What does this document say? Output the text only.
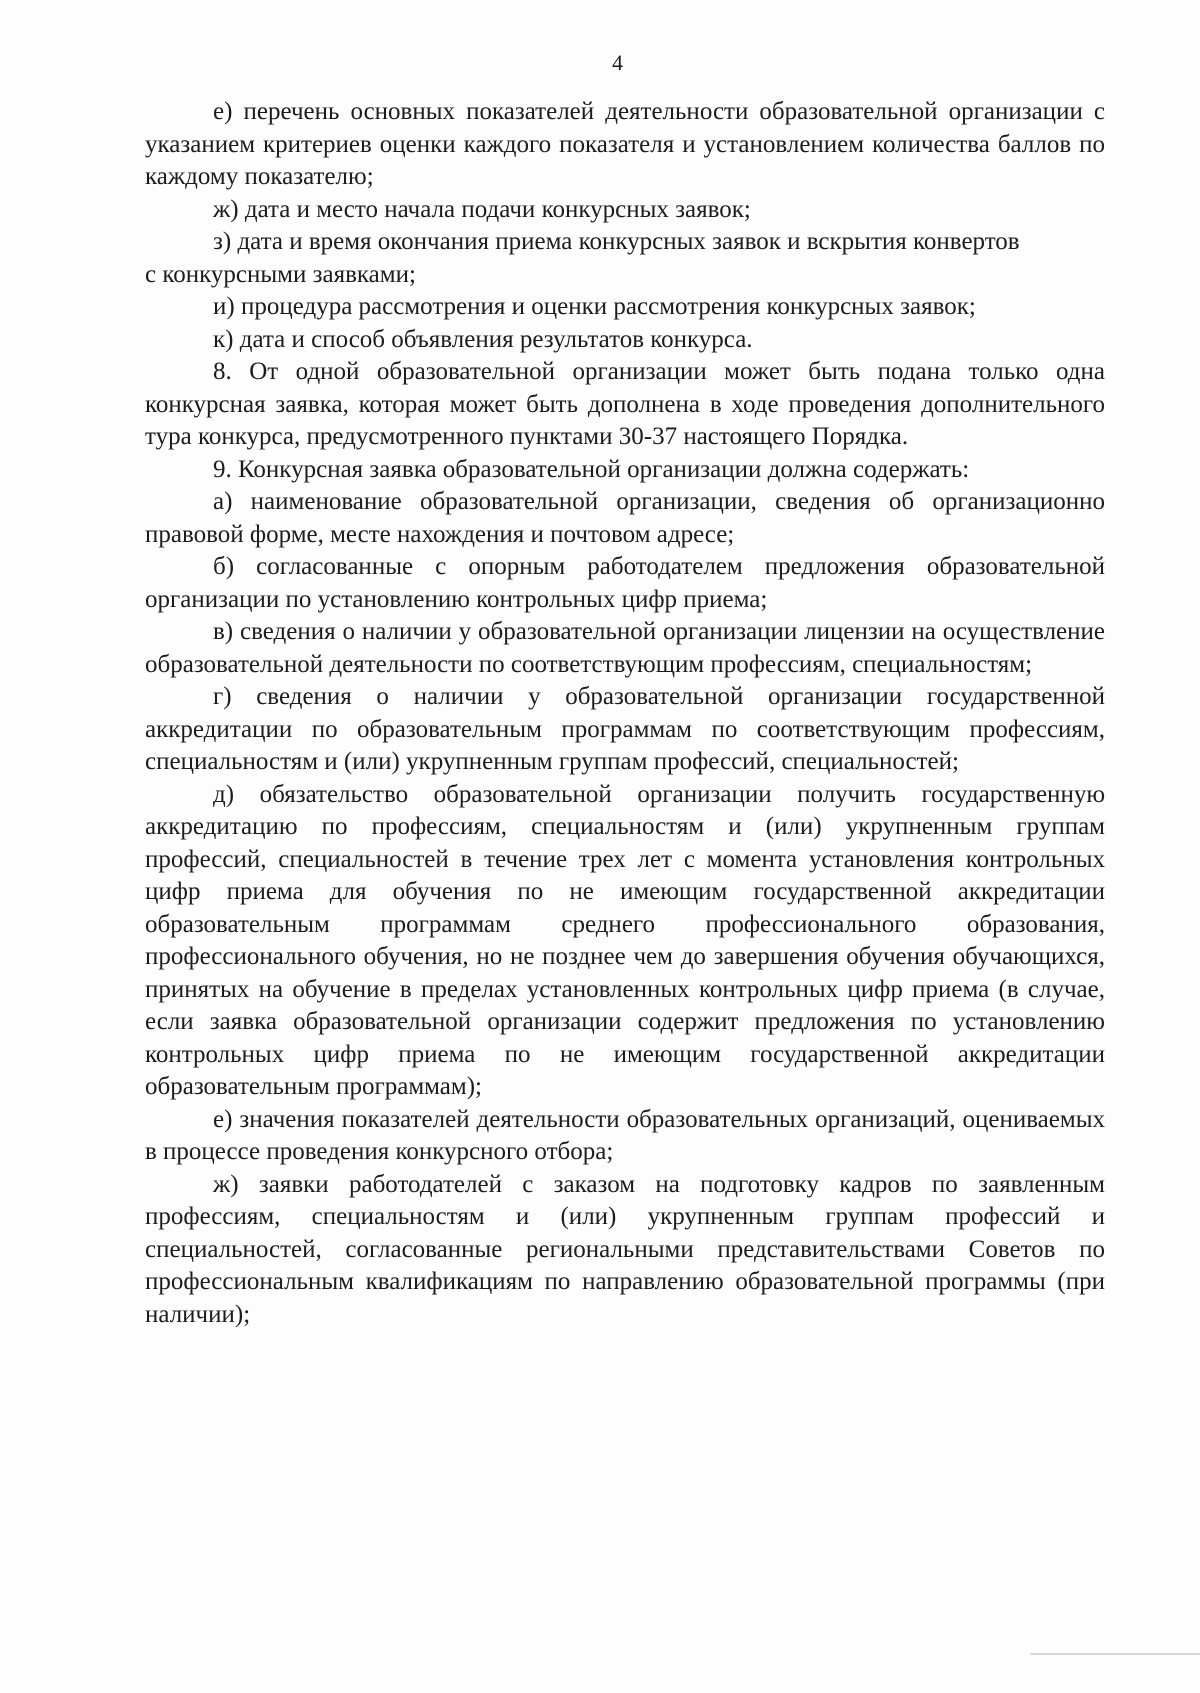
4

е) перечень основных показателей деятельности образовательной организации с указанием критериев оценки каждого показателя и установлением количества баллов по каждому показателю;

ж) дата и место начала подачи конкурсных заявок;

з) дата и время окончания приема конкурсных заявок и вскрытия конвертов

с конкурсными заявками;

и) процедура рассмотрения и оценки рассмотрения конкурсных заявок;

к) дата и способ объявления результатов конкурса.

8. От одной образовательной организации может быть подана только одна конкурсная заявка, которая может быть дополнена в ходе проведения дополнительного тура конкурса, предусмотренного пунктами 30-37 настоящего Порядка.

9. Конкурсная заявка образовательной организации должна содержать:

а) наименование образовательной организации, сведения об организационно правовой форме, месте нахождения и почтовом адресе;

б) согласованные с опорным работодателем предложения образовательной организации по установлению контрольных цифр приема;

в) сведения о наличии у образовательной организации лицензии на осуществление образовательной деятельности по соответствующим профессиям, специальностям;

г) сведения о наличии у образовательной организации государственной аккредитации по образовательным программам по соответствующим профессиям, специальностям и (или) укрупненным группам профессий, специальностей;

д) обязательство образовательной организации получить государственную аккредитацию по профессиям, специальностям и (или) укрупненным группам профессий, специальностей в течение трех лет с момента установления контрольных цифр приема для обучения по не имеющим государственной аккредитации образовательным программам среднего профессионального образования, профессионального обучения, но не позднее чем до завершения обучения обучающихся, принятых на обучение в пределах установленных контрольных цифр приема (в случае, если заявка образовательной организации содержит предложения по установлению контрольных цифр приема по не имеющим государственной аккредитации образовательным программам);

е) значения показателей деятельности образовательных организаций, оцениваемых в процессе проведения конкурсного отбора;

ж) заявки работодателей с заказом на подготовку кадров по заявленным профессиям, специальностям и (или) укрупненным группам профессий и специальностей, согласованные региональными представительствами Советов по профессиональным квалификациям по направлению образовательной программы (при наличии);
